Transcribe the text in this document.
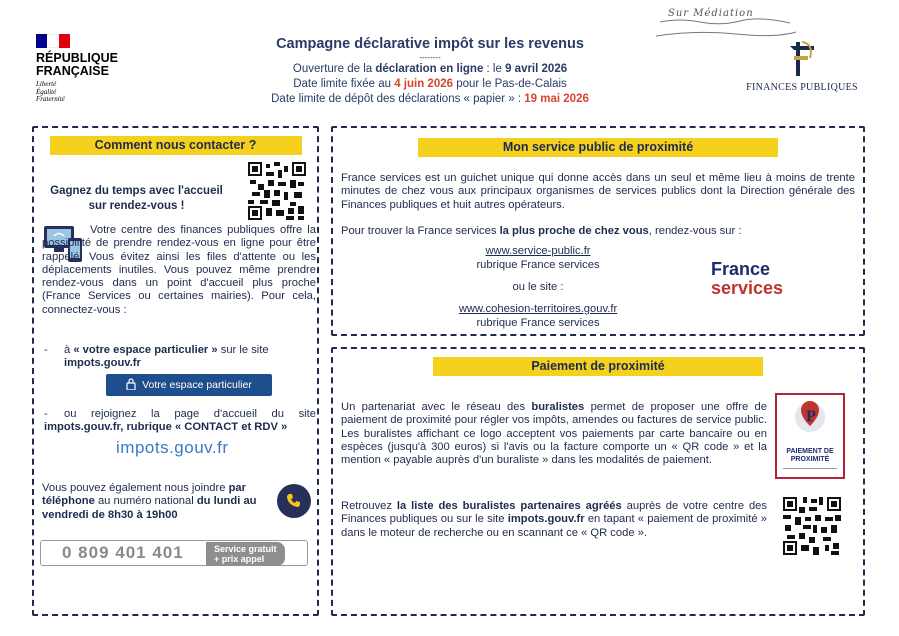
RÉPUBLIQUE
FRANÇAISE
Liberté
Égalité
Fraternité
Campagne déclarative impôt sur les revenus
--------
Ouverture de la déclaration en ligne : le 9 avril 2026
Date limite fixée au 4 juin 2026 pour le Pas-de-Calais
Date limite de dépôt des déclarations « papier » : 19 mai 2026
FINANCES PUBLIQUES
Comment nous contacter ?
Gagnez du temps avec l'accueil sur rendez-vous !

Votre centre des finances publiques offre la possibilité de prendre rendez-vous en ligne pour être rappelé. Vous évitez ainsi les files d'attente ou les déplacements inutiles. Vous pouvez même prendre rendez-vous dans un point d'accueil plus proche (France Services ou certaines mairies). Pour cela, connectez-vous :

- à « votre espace particulier » sur le site
impots.gouv.fr
Votre espace particulier
- ou rejoignez la page d'accueil du site impots.gouv.fr, rubrique « CONTACT et RDV »
impots.gouv.fr

Vous pouvez également nous joindre par téléphone au numéro national du lundi au vendredi de 8h30 à 19h00

0 809 401 401	Service gratuit
+ prix appel
Mon service public de proximité

France services est un guichet unique qui donne accès dans un seul et même lieu à moins de trente minutes de chez vous aux principaux organismes de services publics dont la Direction générale des Finances publiques et huit autres opérateurs.

Pour trouver la France services la plus proche de chez vous, rendez-vous sur :

www.service-public.fr
rubrique France services
ou le site :
www.cohesion-territoires.gouv.fr
rubrique France services
France
services
Paiement de proximité

Un partenariat avec le réseau des buralistes permet de proposer une offre de paiement de proximité pour régler vos impôts, amendes ou factures de service public. Les buralistes affichant ce logo acceptent vos paiements par carte bancaire ou en espèces (jusqu'à 300 euros) si l'avis ou la facture comporte un « QR code » et la mention « payable auprès d'un buraliste » dans les modalités de paiement.

Retrouvez la liste des buralistes partenaires agréés auprès de votre centre des Finances publiques ou sur le site impots.gouv.fr en tapant « paiement de proximité » dans le moteur de recherche ou en scannant ce « QR code ».

P
PAIEMENT DE
PROXIMITÉ
Sur Médiation
